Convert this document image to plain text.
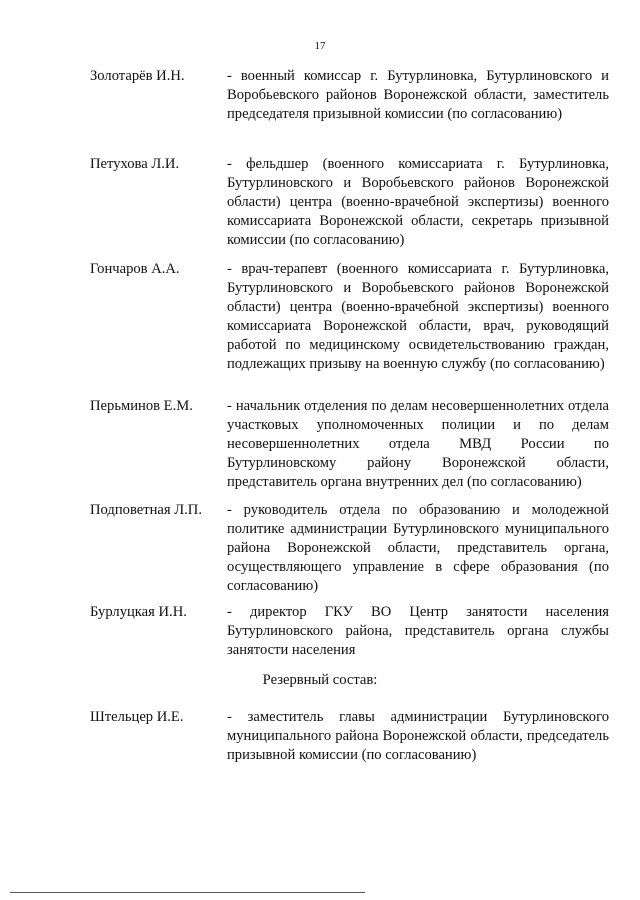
17
Золотарёв И.Н.	- военный комиссар г. Бутурлиновка, Бутурлиновского и Воробьевского районов Воронежской области, заместитель председателя призывной комиссии (по согласованию)
Петухова Л.И.	- фельдшер (военного комиссариата г. Бутурлиновка, Бутурлиновского и Воробьевского районов Воронежской области) центра (военно-врачебной экспертизы) военного комиссариата Воронежской области, секретарь призывной комиссии (по согласованию)
Гончаров А.А.	- врач-терапевт (военного комиссариата г. Бутурлиновка, Бутурлиновского и Воробьевского районов Воронежской области) центра (военно-врачебной экспертизы) военного комиссариата Воронежской области, врач, руководящий работой по медицинскому освидетельствованию граждан, подлежащих призыву на военную службу (по согласованию)
Перьминов Е.М.	- начальник отделения по делам несовершеннолетних отдела участковых уполномоченных полиции и по делам несовершеннолетних отдела МВД России по Бутурлиновскому району Воронежской области, представитель органа внутренних дел (по согласованию)
Подповетная Л.П.	- руководитель отдела по образованию и молодежной политике администрации Бутурлиновского муниципального района Воронежской области, представитель органа, осуществляющего управление в сфере образования (по согласованию)
Бурлуцкая И.Н.	- директор ГКУ ВО Центр занятости населения Бутурлиновского района, представитель органа службы занятости населения
Резервный состав:
Штельцер И.Е.	- заместитель главы администрации Бутурлиновского муниципального района Воронежской области, председатель призывной комиссии (по согласованию)
